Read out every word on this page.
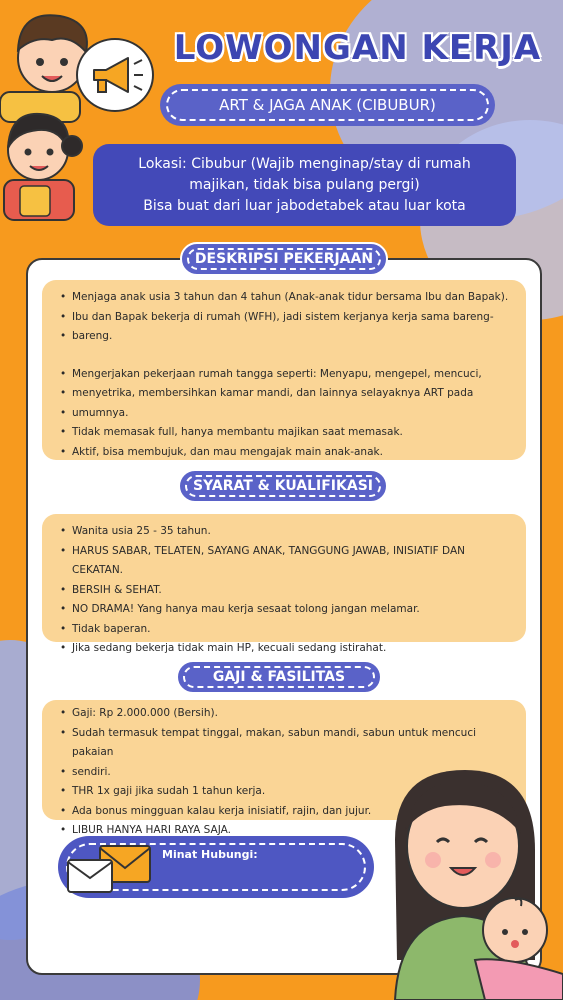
LOWONGAN KERJA
ART & JAGA ANAK (CIBUBUR)
Lokasi: Cibubur (Wajib menginap/stay di rumah
majikan, tidak bisa pulang pergi)
Bisa buat dari luar jabodetabek atau luar kota
DESKRIPSI PEKERJAAN
• Menjaga anak usia 3 tahun dan 4 tahun (Anak-anak tidur bersama Ibu dan Bapak).
• Ibu dan Bapak bekerja di rumah (WFH), jadi sistem kerjanya kerja sama bareng-
• bareng.
• Mengerjakan pekerjaan rumah tangga seperti: Menyapu, mengepel, mencuci,
• menyetrika, membersihkan kamar mandi, dan lainnya selayaknya ART pada
• umumnya.
• Tidak memasak full, hanya membantu majikan saat memasak.
• Aktif, bisa membujuk, dan mau mengajak main anak-anak.
SYARAT & KUALIFIKASI
• Wanita usia 25 - 35 tahun.
• HARUS SABAR, TELATEN, SAYANG ANAK, TANGGUNG JAWAB, INISIATIF DAN CEKATAN.
• BERSIH & SEHAT.
• NO DRAMA! Yang hanya mau kerja sesaat tolong jangan melamar.
• Tidak baperan.
• Jika sedang bekerja tidak main HP, kecuali sedang istirahat.
GAJI & FASILITAS
• Gaji: Rp 2.000.000 (Bersih).
• Sudah termasuk tempat tinggal, makan, sabun mandi, sabun untuk mencuci pakaian
• sendiri.
• THR 1x gaji jika sudah 1 tahun kerja.
• Ada bonus mingguan kalau kerja inisiatif, rajin, dan jujur.
• LIBUR HANYA HARI RAYA SAJA.
Minat Hubungi:
